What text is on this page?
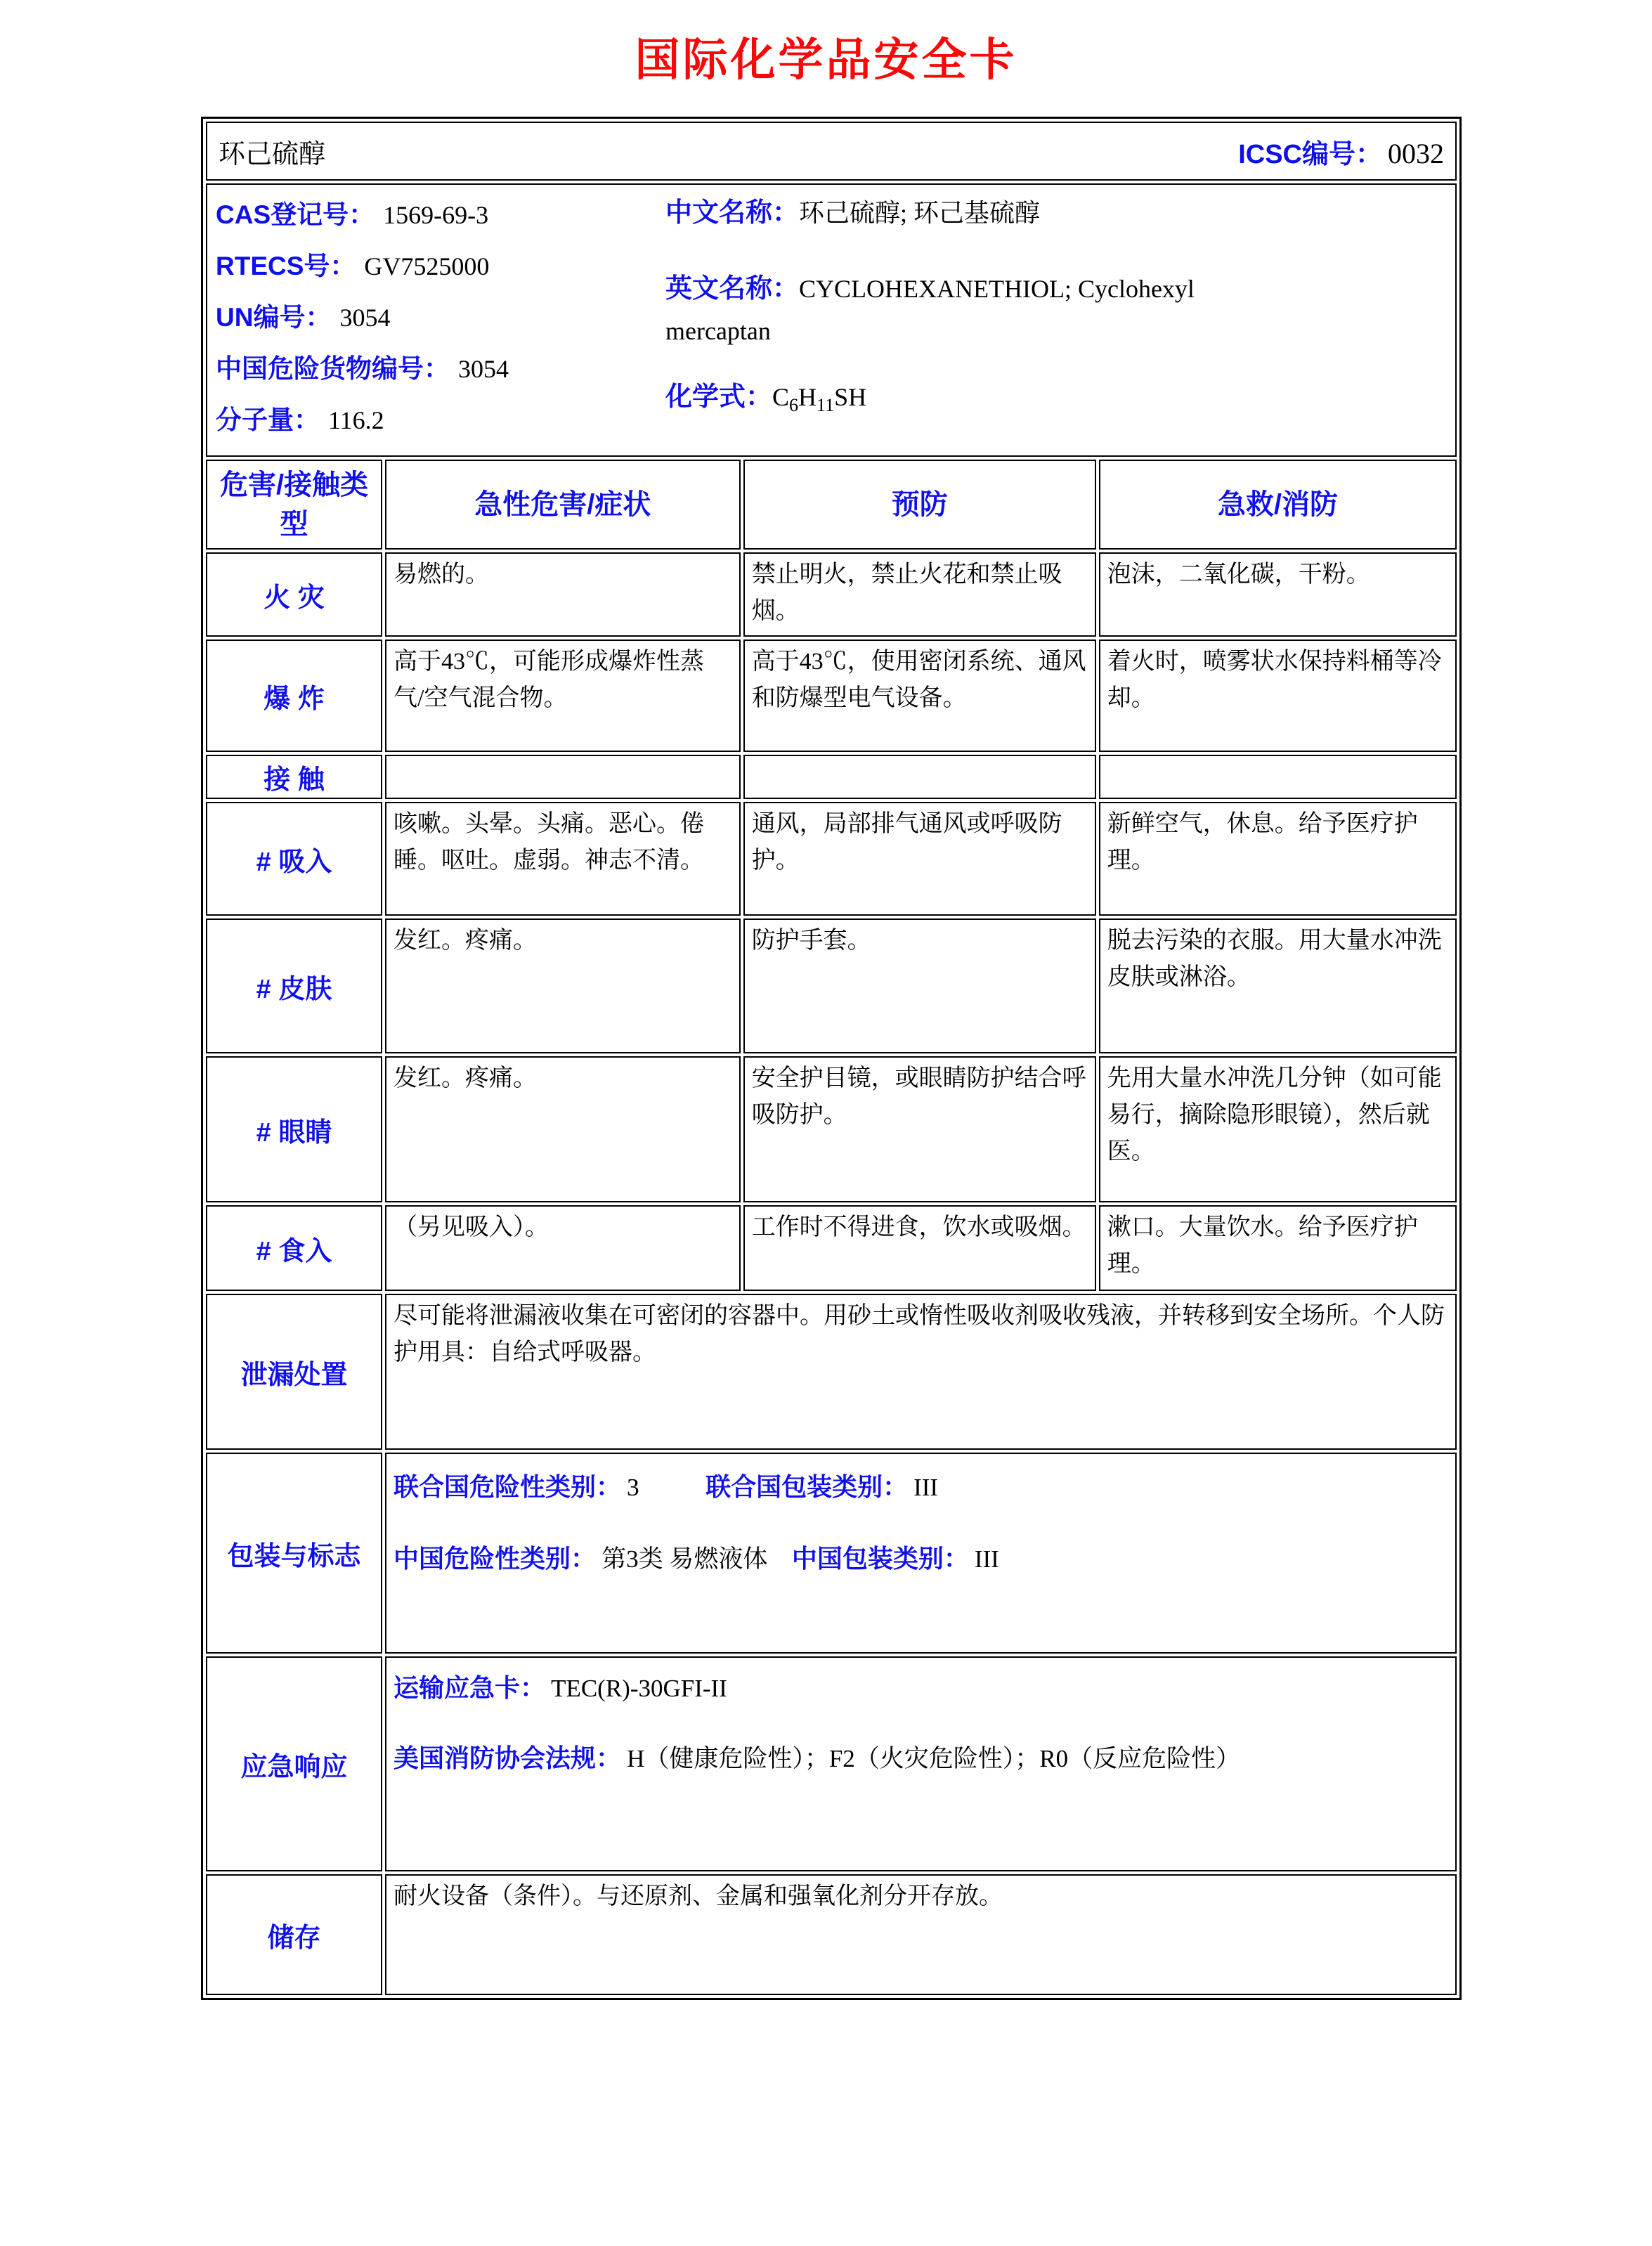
国际化学品安全卡
环己硫醇 ICSC编号： 0032			

CAS登记号： 1569-69-3
RTECS号： GV7525000
UN编号： 3054
中国危险货物编号： 3054
分子量： 116.2

中文名称：环己硫醇; 环己基硫醇

英文名称：CYCLOHEXANETHIOL; Cyclohexyl mercaptan

化学式：$C_6H_{11}SH$

危害/接触类型	急性危害/症状	预防	急救/消防
火 灾	易燃的。	禁止明火，禁止火花和禁止吸烟。	泡沫，二氧化碳，干粉。
爆 炸	高于43℃，可能形成爆炸性蒸气/空气混合物。	高于43℃，使用密闭系统、通风和防爆型电气设备。	着火时，喷雾状水保持料桶等冷却。
接 触			
# 吸入	咳嗽。头晕。头痛。恶心。倦睡。呕吐。虚弱。神志不清。	通风，局部排气通风或呼吸防护。	新鲜空气，休息。给予医疗护理。
# 皮肤	发红。疼痛。	防护手套。	脱去污染的衣服。用大量水冲洗皮肤或淋浴。
# 眼睛	发红。疼痛。	安全护目镜，或眼睛防护结合呼吸防护。	先用大量水冲洗几分钟（如可能易行，摘除隐形眼镜），然后就医。
# 食入	（另见吸入）。	工作时不得进食，饮水或吸烟。	漱口。大量饮水。给予医疗护理。
泄漏处置	尽可能将泄漏液收集在可密闭的容器中。用砂土或惰性吸收剂吸收残液，并转移到安全场所。个人防护用具：自给式呼吸器。		
包装与标志	联合国危险性类别： 3 联合国包装类别： III
中国危险性类别： 第3类 易燃液体 中国包装类别： III		

应急响应	运输应急卡： TEC(R)-30GFI-II
美国消防协会法规： H（健康危险性）；F2（火灾危险性）；R0（反应危险性）		

储存	耐火设备（条件）。与还原剂、金属和强氧化剂分开存放。		
